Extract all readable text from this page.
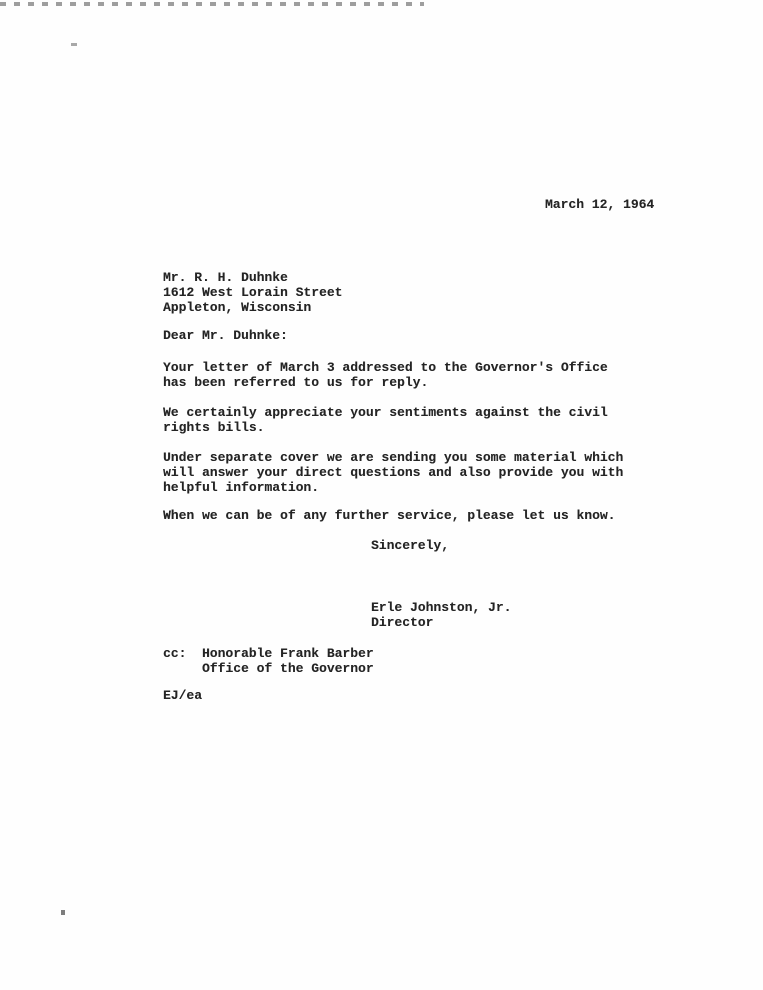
March 12, 1964
Mr. R. H. Duhnke
1612 West Lorain Street
Appleton, Wisconsin
Dear Mr. Duhnke:
Your letter of March 3 addressed to the Governor's Office
has been referred to us for reply.
We certainly appreciate your sentiments against the civil
rights bills.
Under separate cover we are sending you some material which
will answer your direct questions and also provide you with
helpful information.
When we can be of any further service, please let us know.
Sincerely,
Erle Johnston, Jr.
Director
cc:	Honorable Frank Barber
Office of the Governor
EJ/ea
